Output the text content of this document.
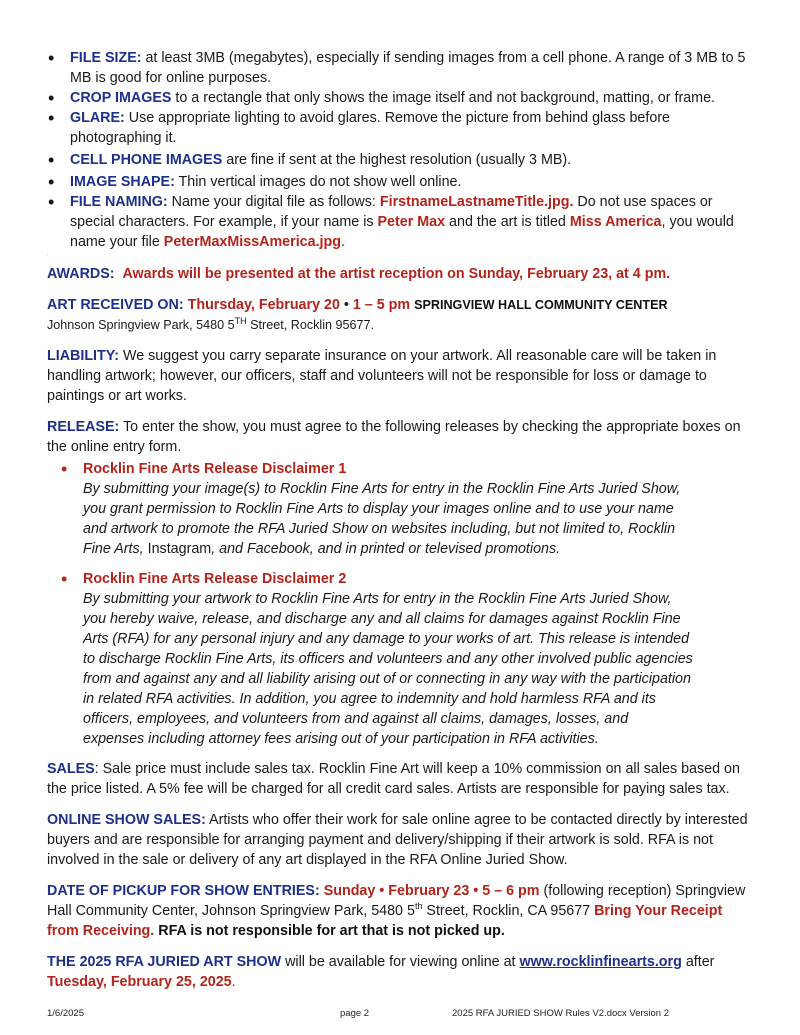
• FILE SIZE: at least 3MB (megabytes), especially if sending images from a cell phone. A range of 3 MB to 5 MB is good for online purposes.
• CROP IMAGES to a rectangle that only shows the image itself and not background, matting, or frame.
• GLARE: Use appropriate lighting to avoid glares. Remove the picture from behind glass before photographing it.
• CELL PHONE IMAGES are fine if sent at the highest resolution (usually 3 MB).
• IMAGE SHAPE: Thin vertical images do not show well online.
• FILE NAMING: Name your digital file as follows: FirstnameLastnameTitle.jpg. Do not use spaces or special characters. For example, if your name is Peter Max and the art is titled Miss America, you would name your file PeterMaxMissAmerica.jpg.
.

AWARDS: Awards will be presented at the artist reception on Sunday, February 23, at 4 pm.

ART RECEIVED ON: Thursday, February 20 • 1 – 5 pm SPRINGVIEW HALL COMMUNITY CENTER

Johnson Springview Park, 5480 5TH Street, Rocklin 95677.

LIABILITY: We suggest you carry separate insurance on your artwork. All reasonable care will be taken in handling artwork; however, our officers, staff and volunteers will not be responsible for loss or damage to paintings or art works.

RELEASE: To enter the show, you must agree to the following releases by checking the appropriate boxes on the online entry form.

• Rocklin Fine Arts Release Disclaimer 1
By submitting your image(s) to Rocklin Fine Arts for entry in the Rocklin Fine Arts Juried Show, you grant permission to Rocklin Fine Arts to display your images online and to use your name and artwork to promote the RFA Juried Show on websites including, but not limited to, Rocklin Fine Arts, Instagram, and Facebook, and in printed or televised promotions.
• Rocklin Fine Arts Release Disclaimer 2
By submitting your artwork to Rocklin Fine Arts for entry in the Rocklin Fine Arts Juried Show, you hereby waive, release, and discharge any and all claims for damages against Rocklin Fine Arts (RFA) for any personal injury and any damage to your works of art. This release is intended to discharge Rocklin Fine Arts, its officers and volunteers and any other involved public agencies from and against any and all liability arising out of or connecting in any way with the participation in related RFA activities. In addition, you agree to indemnity and hold harmless RFA and its officers, employees, and volunteers from and against all claims, damages, losses, and expenses including attorney fees arising out of your participation in RFA activities.

SALES: Sale price must include sales tax. Rocklin Fine Art will keep a 10% commission on all sales based on the price listed. A 5% fee will be charged for all credit card sales. Artists are responsible for paying sales tax.

ONLINE SHOW SALES: Artists who offer their work for sale online agree to be contacted directly by interested buyers and are responsible for arranging payment and delivery/shipping if their artwork is sold. RFA is not involved in the sale or delivery of any art displayed in the RFA Online Juried Show.

DATE OF PICKUP FOR SHOW ENTRIES: Sunday • February 23 • 5 – 6 pm (following reception) Springview Hall Community Center, Johnson Springview Park, 5480 5th Street, Rocklin, CA 95677 Bring Your Receipt from Receiving. RFA is not responsible for art that is not picked up.

THE 2025 RFA JURIED ART SHOW will be available for viewing online at www.rocklinfinearts.org after
Tuesday, February 25, 2025.

1/6/2025	page 2	2025 RFA JURIED SHOW Rules V2.docx Version 2
